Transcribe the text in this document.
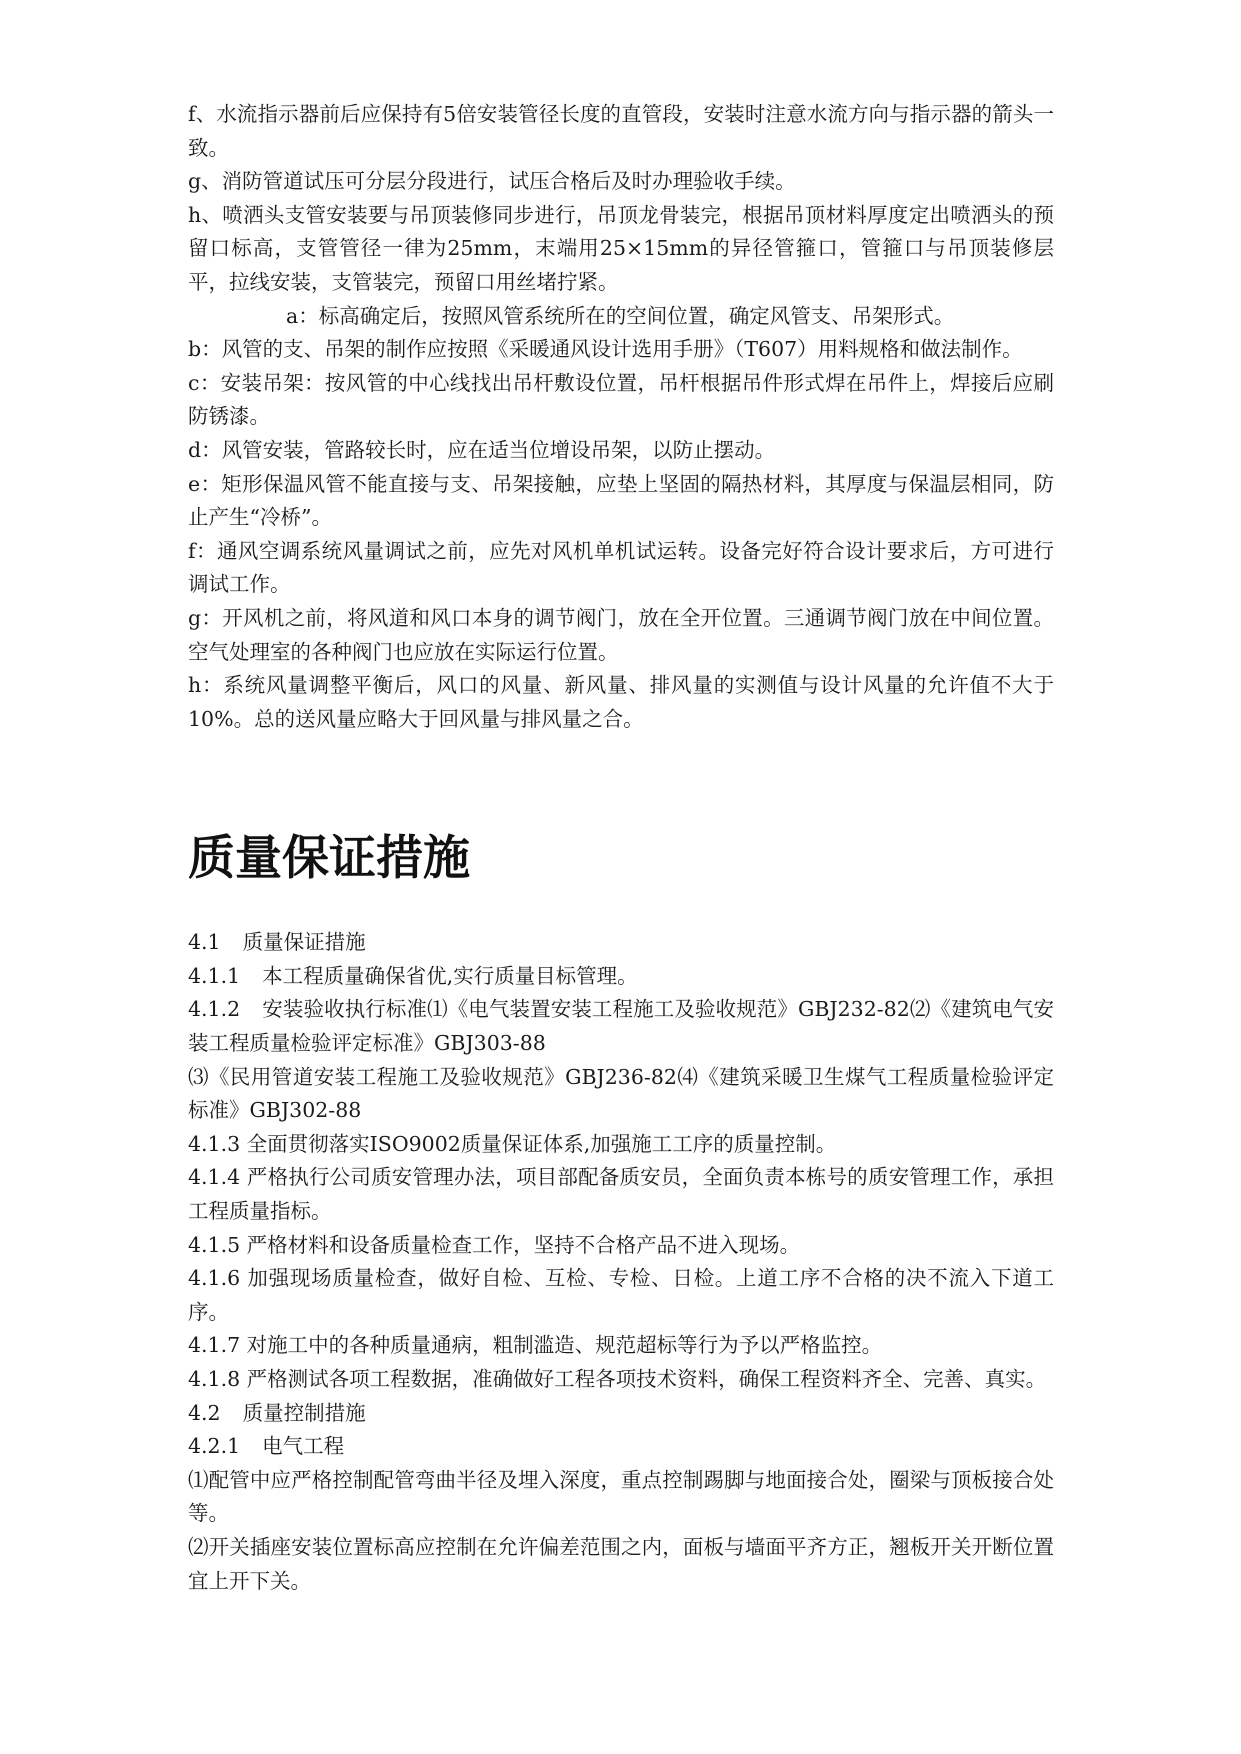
f、水流指示器前后应保持有5倍安装管径长度的直管段，安装时注意水流方向与指示器的箭头一致。

g、消防管道试压可分层分段进行，试压合格后及时办理验收手续。

h、喷洒头支管安装要与吊顶装修同步进行，吊顶龙骨装完，根据吊顶材料厚度定出喷洒头的预留口标高，支管管径一律为25mm，末端用25×15mm的异径管箍口，管箍口与吊顶装修层平，拉线安装，支管装完，预留口用丝堵拧紧。

a：标高确定后，按照风管系统所在的空间位置，确定风管支、吊架形式。

b：风管的支、吊架的制作应按照《采暖通风设计选用手册》（T607）用料规格和做法制作。

c：安装吊架：按风管的中心线找出吊杆敷设位置，吊杆根据吊件形式焊在吊件上，焊接后应刷防锈漆。

d：风管安装，管路较长时，应在适当位增设吊架，以防止摆动。

e：矩形保温风管不能直接与支、吊架接触，应垫上坚固的隔热材料，其厚度与保温层相同，防止产生“冷桥”。

f：通风空调系统风量调试之前，应先对风机单机试运转。设备完好符合设计要求后，方可进行调试工作。

g：开风机之前，将风道和风口本身的调节阀门，放在全开位置。三通调节阀门放在中间位置。空气处理室的各种阀门也应放在实际运行位置。

h：系统风量调整平衡后，风口的风量、新风量、排风量的实测值与设计风量的允许值不大于10%。总的送风量应略大于回风量与排风量之合。

质量保证措施

4.1 质量保证措施

4.1.1 本工程质量确保省优,实行质量目标管理。

4.1.2 安装验收执行标准⑴《电气装置安装工程施工及验收规范》GBJ232-82⑵《建筑电气安装工程质量检验评定标准》GBJ303-88

⑶《民用管道安装工程施工及验收规范》GBJ236-82⑷《建筑采暖卫生煤气工程质量检验评定标准》GBJ302-88

4.1.3 全面贯彻落实ISO9002质量保证体系,加强施工工序的质量控制。

4.1.4 严格执行公司质安管理办法，项目部配备质安员，全面负责本栋号的质安管理工作，承担工程质量指标。

4.1.5 严格材料和设备质量检查工作，坚持不合格产品不进入现场。

4.1.6 加强现场质量检查，做好自检、互检、专检、日检。上道工序不合格的决不流入下道工序。

4.1.7 对施工中的各种质量通病，粗制滥造、规范超标等行为予以严格监控。

4.1.8 严格测试各项工程数据，准确做好工程各项技术资料，确保工程资料齐全、完善、真实。

4.2 质量控制措施

4.2.1 电气工程

⑴配管中应严格控制配管弯曲半径及埋入深度，重点控制踢脚与地面接合处，圈梁与顶板接合处等。

⑵开关插座安装位置标高应控制在允许偏差范围之内，面板与墙面平齐方正，翘板开关开断位置宜上开下关。
